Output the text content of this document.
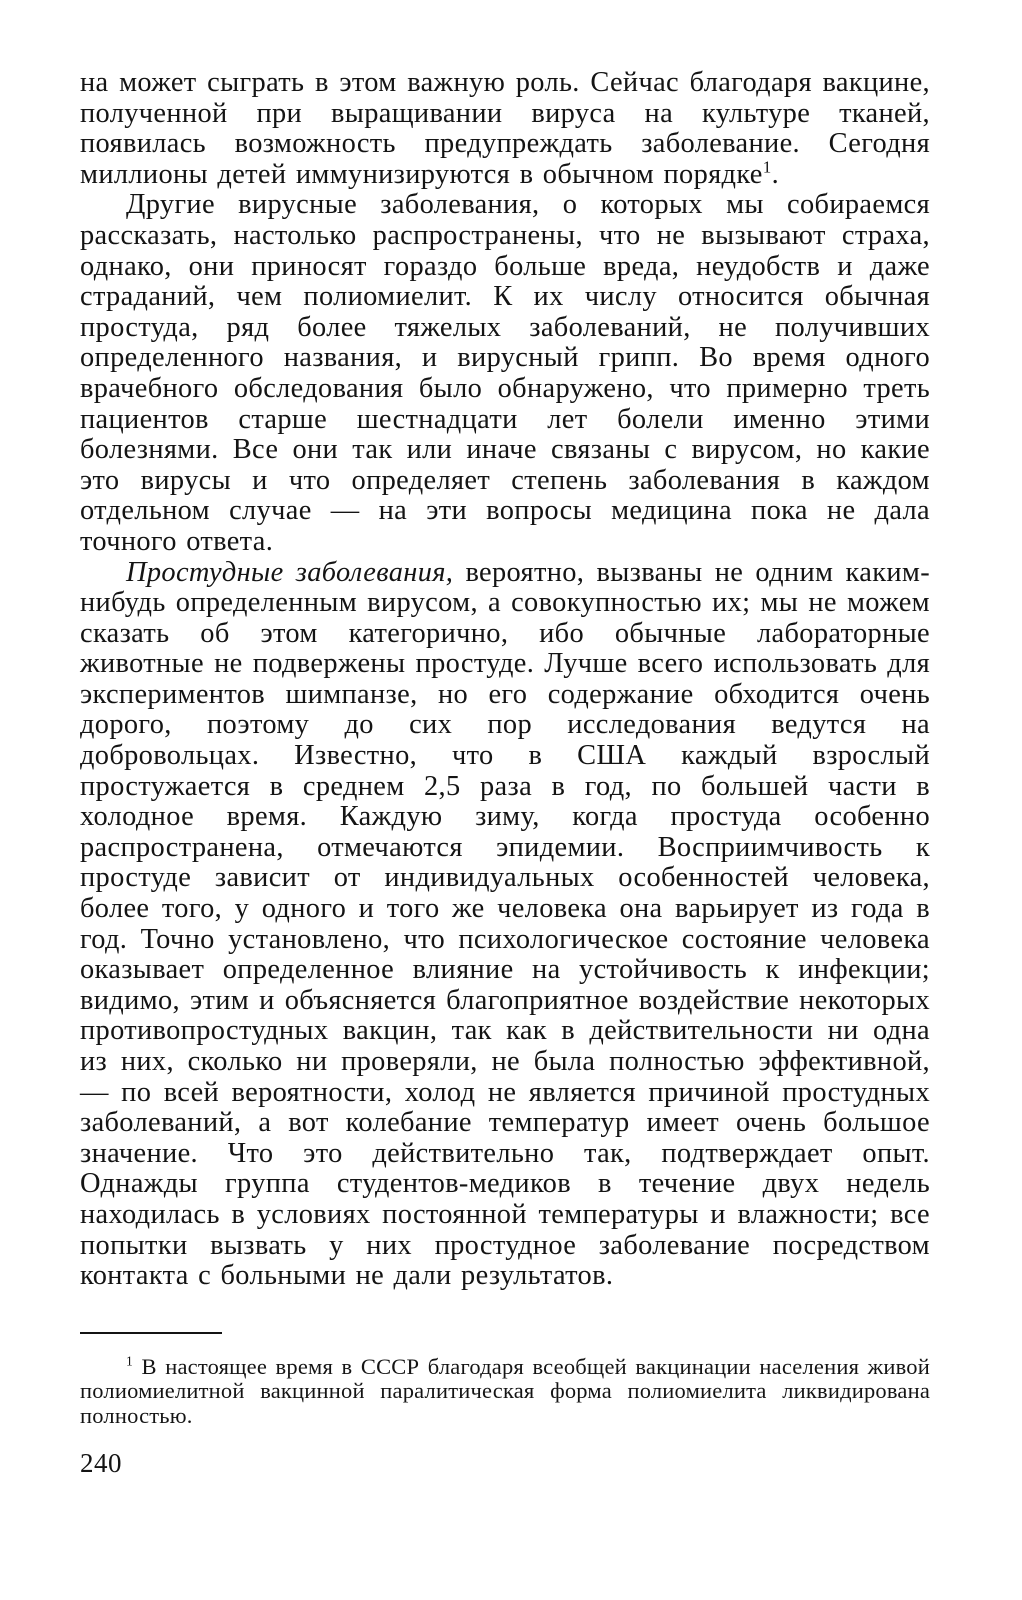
на может сыграть в этом важную роль. Сейчас благодаря вакцине, полученной при выращивании вируса на культуре тканей, появилась возможность предупреждать заболевание. Сегодня миллионы детей иммунизируются в обычном порядке$^1$.

Другие вирусные заболевания, о которых мы собираемся рассказать, настолько распространены, что не вызывают страха, однако, они приносят гораздо больше вреда, неудобств и даже страданий, чем полиомиелит. К их числу относится обычная простуда, ряд более тяжелых заболеваний, не получивших определенного названия, и вирусный грипп. Во время одного врачебного обследования было обнаружено, что примерно треть пациентов старше шестнадцати лет болели именно этими болезнями. Все они так или иначе связаны с вирусом, но какие это вирусы и что определяет степень заболевания в каждом отдельном случае — на эти вопросы медицина пока не дала точного ответа.

Простудные заболевания, вероятно, вызваны не одним каким-нибудь определенным вирусом, а совокупностью их; мы не можем сказать об этом категорично, ибо обычные лабораторные животные не подвержены простуде. Лучше всего использовать для экспериментов шимпанзе, но его содержание обходится очень дорого, поэтому до сих пор исследования ведутся на добровольцах. Известно, что в США каждый взрослый простужается в среднем 2,5 раза в год, по большей части в холодное время. Каждую зиму, когда простуда особенно распространена, отмечаются эпидемии. Восприимчивость к простуде зависит от индивидуальных особенностей человека, более того, у одного и того же человека она варьирует из года в год. Точно установлено, что психологическое состояние человека оказывает определенное влияние на устойчивость к инфекции; видимо, этим и объясняется благоприятное воздействие некоторых противопростудных вакцин, так как в действительности ни одна из них, сколько ни проверяли, не была полностью эффективной, — по всей вероятности, холод не является причиной простудных заболеваний, а вот колебание температур имеет очень большое значение. Что это действительно так, подтверждает опыт. Однажды группа студентов-медиков в течение двух недель находилась в условиях постоянной температуры и влажности; все попытки вызвать у них простудное заболевание посредством контакта с больными не дали результатов.

$^1$ В настоящее время в СССР благодаря всеобщей вакцинации населения живой полиомиелитной вакцинной паралитическая форма полиомиелита ликвидирована полностью.

240
